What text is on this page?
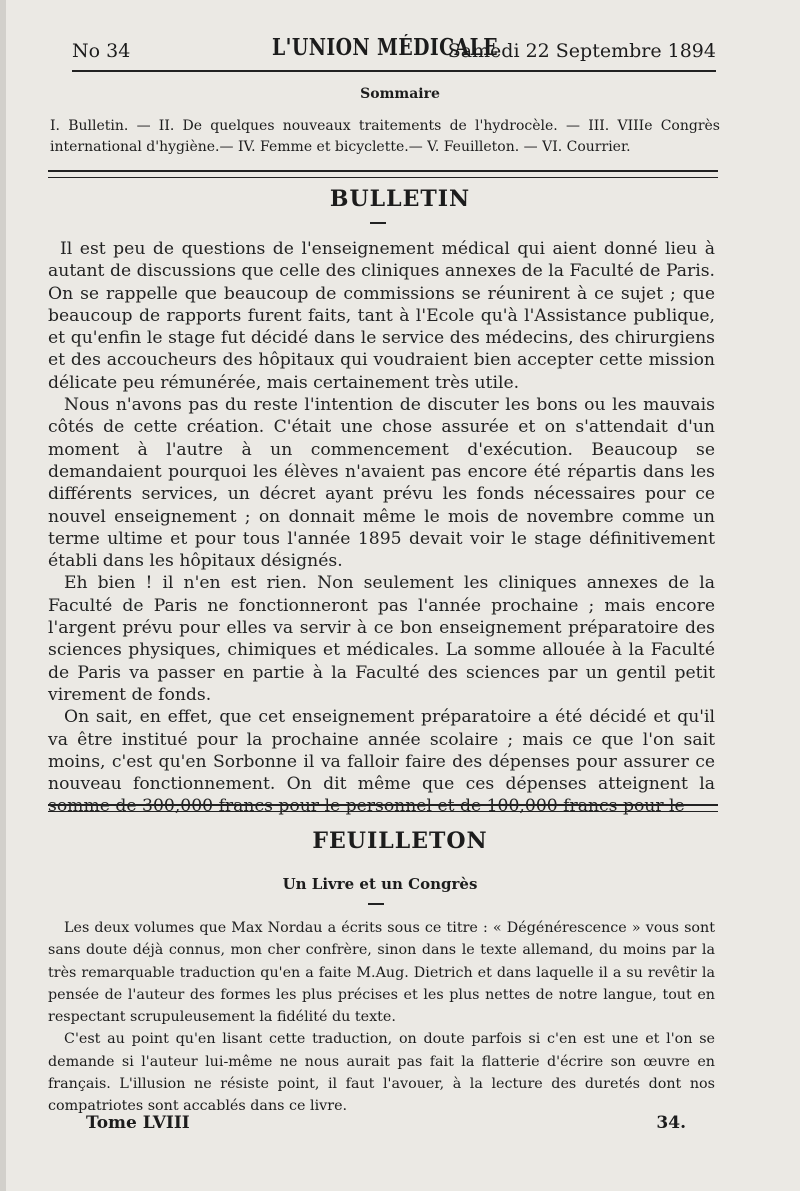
No 34	L'UNION MÉDICALE
Samedi 22 Septembre 1894
Sommaire
I. Bulletin. — II. De quelques nouveaux traitements de l'hydrocèle. — III. VIIIe Congrès international d'hygiène.— IV. Femme et bicyclette.— V. Feuilleton. — VI. Courrier.
BULLETIN

Il est peu de questions de l'enseignement médical qui aient donné lieu à autant de discussions que celle des cliniques annexes de la Faculté de Paris. On se rappelle que beaucoup de commissions se réunirent à ce sujet ; que beaucoup de rapports furent faits, tant à l'Ecole qu'à l'Assistance publique, et qu'enfin le stage fut décidé dans le service des médecins, des chirurgiens et des accoucheurs des hôpitaux qui voudraient bien accepter cette mission délicate peu rémunérée, mais certainement très utile.

Nous n'avons pas du reste l'intention de discuter les bons ou les mauvais côtés de cette création. C'était une chose assurée et on s'attendait d'un moment à l'autre à un commencement d'exécution. Beaucoup se demandaient pourquoi les élèves n'avaient pas encore été répartis dans les différents services, un décret ayant prévu les fonds nécessaires pour ce nouvel enseignement ; on donnait même le mois de novembre comme un terme ultime et pour tous l'année 1895 devait voir le stage définitivement établi dans les hôpitaux désignés.

Eh bien ! il n'en est rien. Non seulement les cliniques annexes de la Faculté de Paris ne fonctionneront pas l'année prochaine ; mais encore l'argent prévu pour elles va servir à ce bon enseignement préparatoire des sciences physiques, chimiques et médicales. La somme allouée à la Faculté de Paris va passer en partie à la Faculté des sciences par un gentil petit virement de fonds.

On sait, en effet, que cet enseignement préparatoire a été décidé et qu'il va être institué pour la prochaine année scolaire ; mais ce que l'on sait moins, c'est qu'en Sorbonne il va falloir faire des dépenses pour assurer ce nouveau fonctionnement. On dit même que ces dépenses atteignent la somme de 300,000 francs pour le personnel et de 100,000 francs pour le

FEUILLETON
Un Livre et un Congrès

Les deux volumes que Max Nordau a écrits sous ce titre : « Dégénérescence » vous sont sans doute déjà connus, mon cher confrère, sinon dans le texte allemand, du moins par la très remarquable traduction qu'en a faite M.Aug. Dietrich et dans laquelle il a su revêtir la pensée de l'auteur des formes les plus précises et les plus nettes de notre langue, tout en respectant scrupuleusement la fidélité du texte.

C'est au point qu'en lisant cette traduction, on doute parfois si c'en est une et l'on se demande si l'auteur lui-même ne nous aurait pas fait la flatterie d'écrire son œuvre en français. L'illusion ne résiste point, il faut l'avouer, à la lecture des duretés dont nos compatriotes sont accablés dans ce livre.

Tome LVIII	34.
